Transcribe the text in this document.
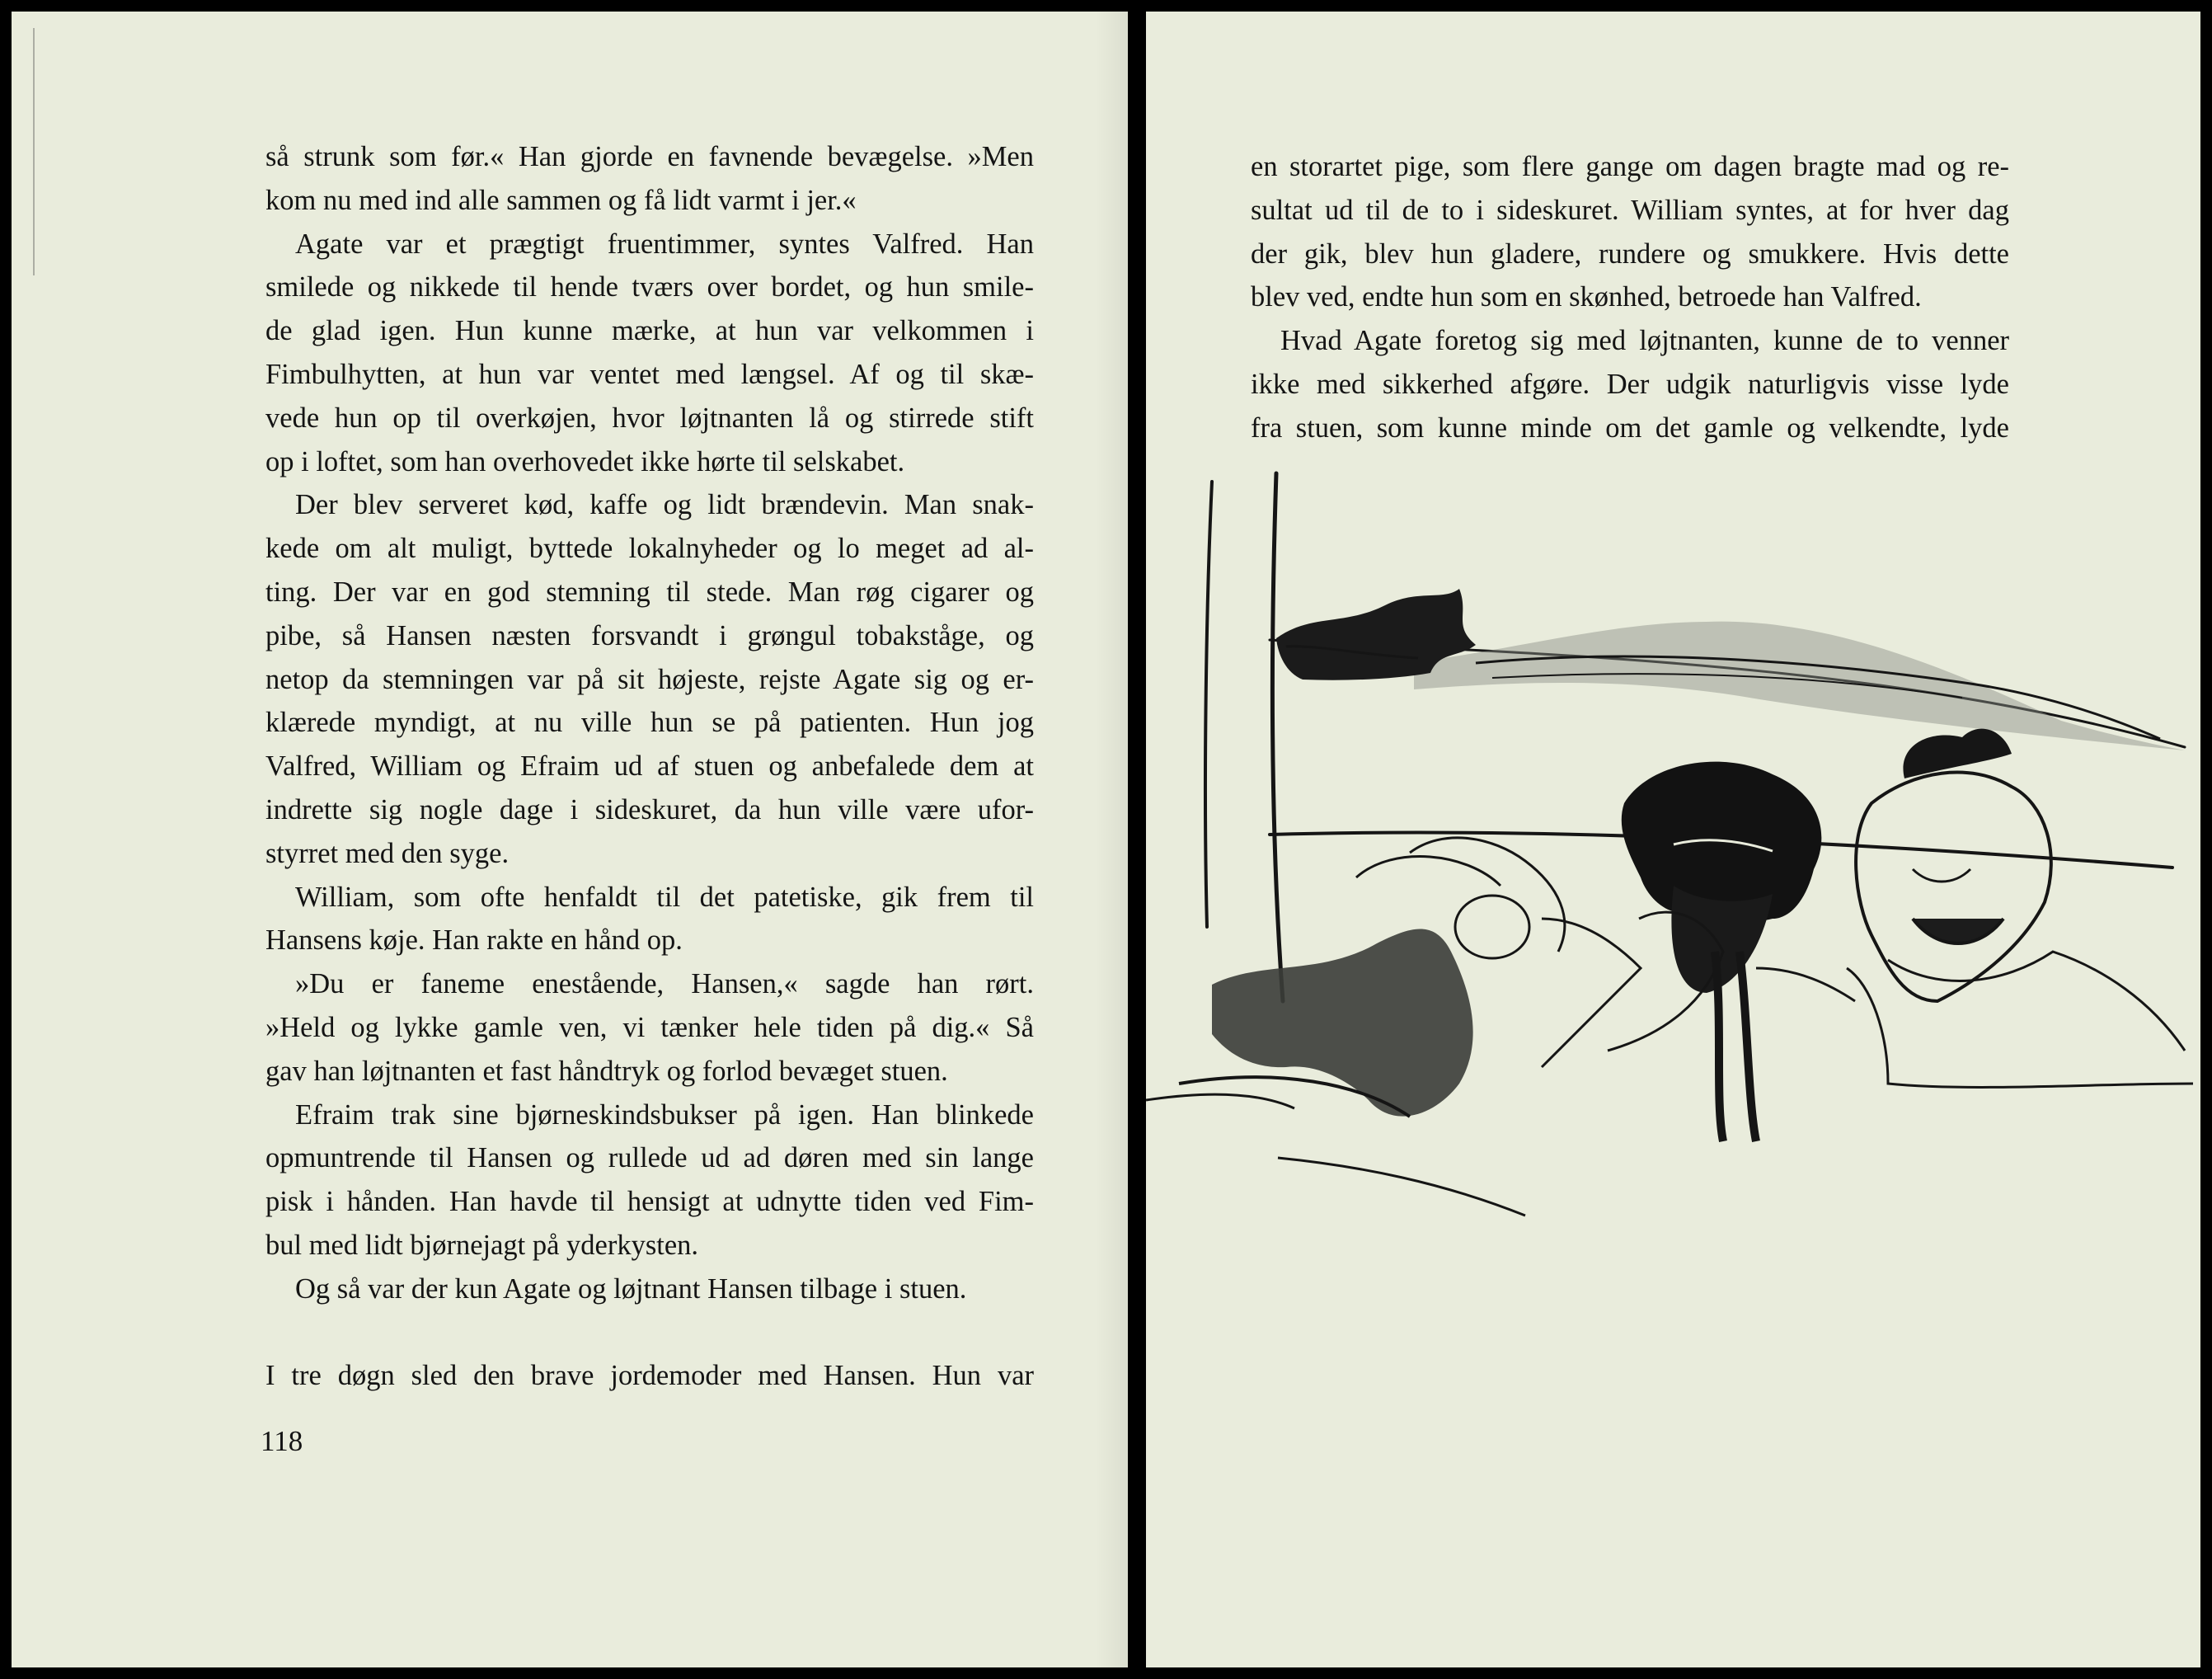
så strunk som før.« Han gjorde en favnende bevægelse. »Men

kom nu med ind alle sammen og få lidt varmt i jer.«

Agate var et prægtigt fruentimmer, syntes Valfred. Han

smilede og nikkede til hende tværs over bordet, og hun smile-

de glad igen. Hun kunne mærke, at hun var velkommen i

Fimbulhytten, at hun var ventet med længsel. Af og til skæ-

vede hun op til overkøjen, hvor løjtnanten lå og stirrede stift

op i loftet, som han overhovedet ikke hørte til selskabet.

Der blev serveret kød, kaffe og lidt brændevin. Man snak-

kede om alt muligt, byttede lokalnyheder og lo meget ad al-

ting. Der var en god stemning til stede. Man røg cigarer og

pibe, så Hansen næsten forsvandt i grøngul tobakståge, og

netop da stemningen var på sit højeste, rejste Agate sig og er-

klærede myndigt, at nu ville hun se på patienten. Hun jog

Valfred, William og Efraim ud af stuen og anbefalede dem at

indrette sig nogle dage i sideskuret, da hun ville være ufor-

styrret med den syge.

William, som ofte henfaldt til det patetiske, gik frem til

Hansens køje. Han rakte en hånd op.

»Du er faneme enestående, Hansen,« sagde han rørt.

»Held og lykke gamle ven, vi tænker hele tiden på dig.« Så

gav han løjtnanten et fast håndtryk og forlod bevæget stuen.

Efraim trak sine bjørneskindsbukser på igen. Han blinkede

opmuntrende til Hansen og rullede ud ad døren med sin lange

pisk i hånden. Han havde til hensigt at udnytte tiden ved Fim-

bul med lidt bjørnejagt på yderkysten.

Og så var der kun Agate og løjtnant Hansen tilbage i stuen.

I tre døgn sled den brave jordemoder med Hansen. Hun var

118

en storartet pige, som flere gange om dagen bragte mad og re-

sultat ud til de to i sideskuret. William syntes, at for hver dag

der gik, blev hun gladere, rundere og smukkere. Hvis dette

blev ved, endte hun som en skønhed, betroede han Valfred.

Hvad Agate foretog sig med løjtnanten, kunne de to venner

ikke med sikkerhed afgøre. Der udgik naturligvis visse lyde

fra stuen, som kunne minde om det gamle og velkendte, lyde
